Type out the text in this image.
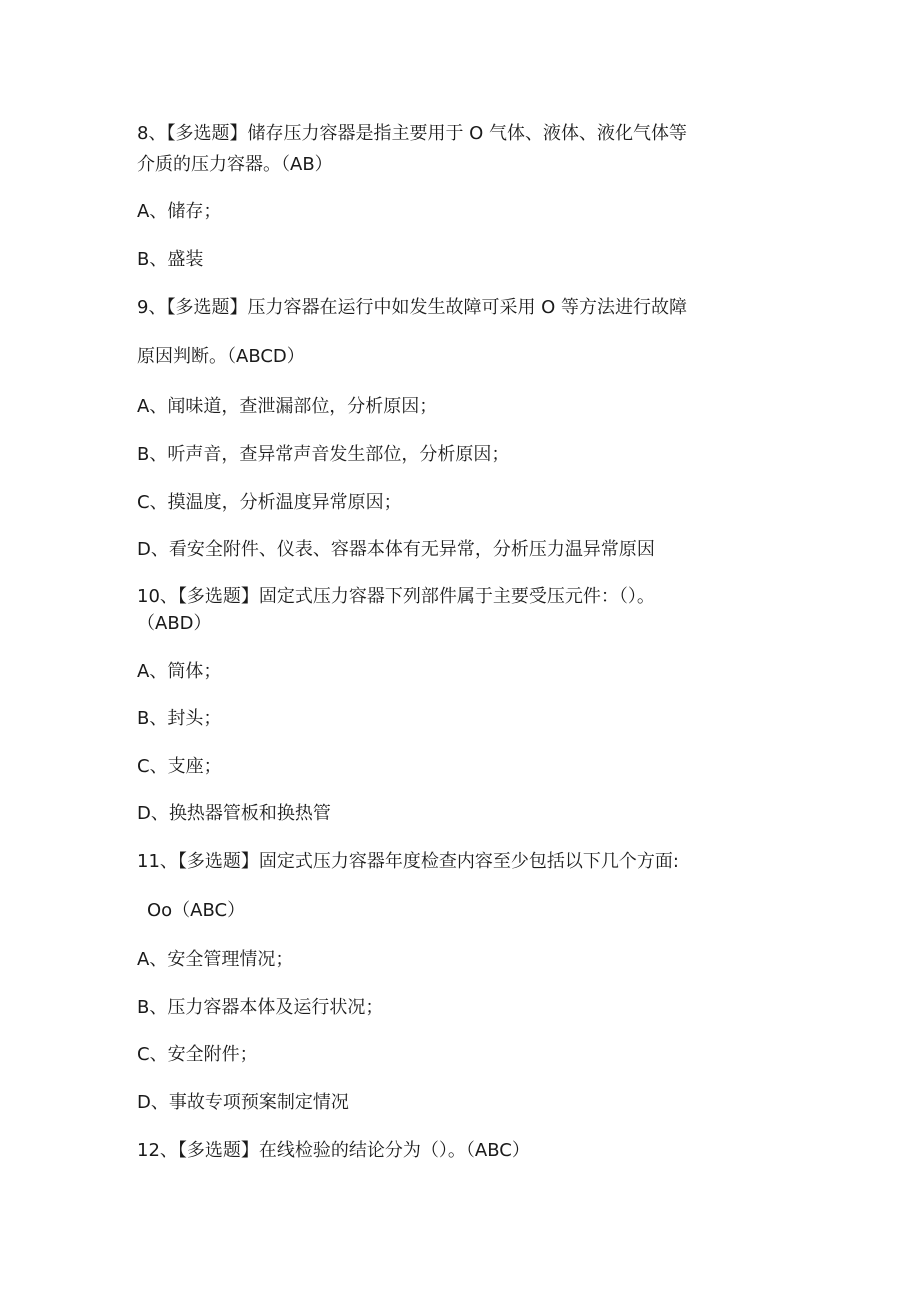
8、【多选题】储存压力容器是指主要用于 O 气体、液体、液化气体等

介质的压力容器。（AB）

A、储存；

B、盛装

9、【多选题】压力容器在运行中如发生故障可采用 O 等方法进行故障

原因判断。（ABCD）

A、闻味道，查泄漏部位，分析原因；

B、听声音，查异常声音发生部位，分析原因；

C、摸温度，分析温度异常原因；

D、看安全附件、仪表、容器本体有无异常，分析压力温异常原因

10、【多选题】固定式压力容器下列部件属于主要受压元件：（）。

（ABD）

A、筒体；

B、封头；

C、支座；

D、换热器管板和换热管

11、【多选题】固定式压力容器年度检查内容至少包括以下几个方面:

Oo（ABC）

A、安全管理情况；

B、压力容器本体及运行状况；

C、安全附件；

D、事故专项预案制定情况

12、【多选题】在线检验的结论分为（）。（ABC）
